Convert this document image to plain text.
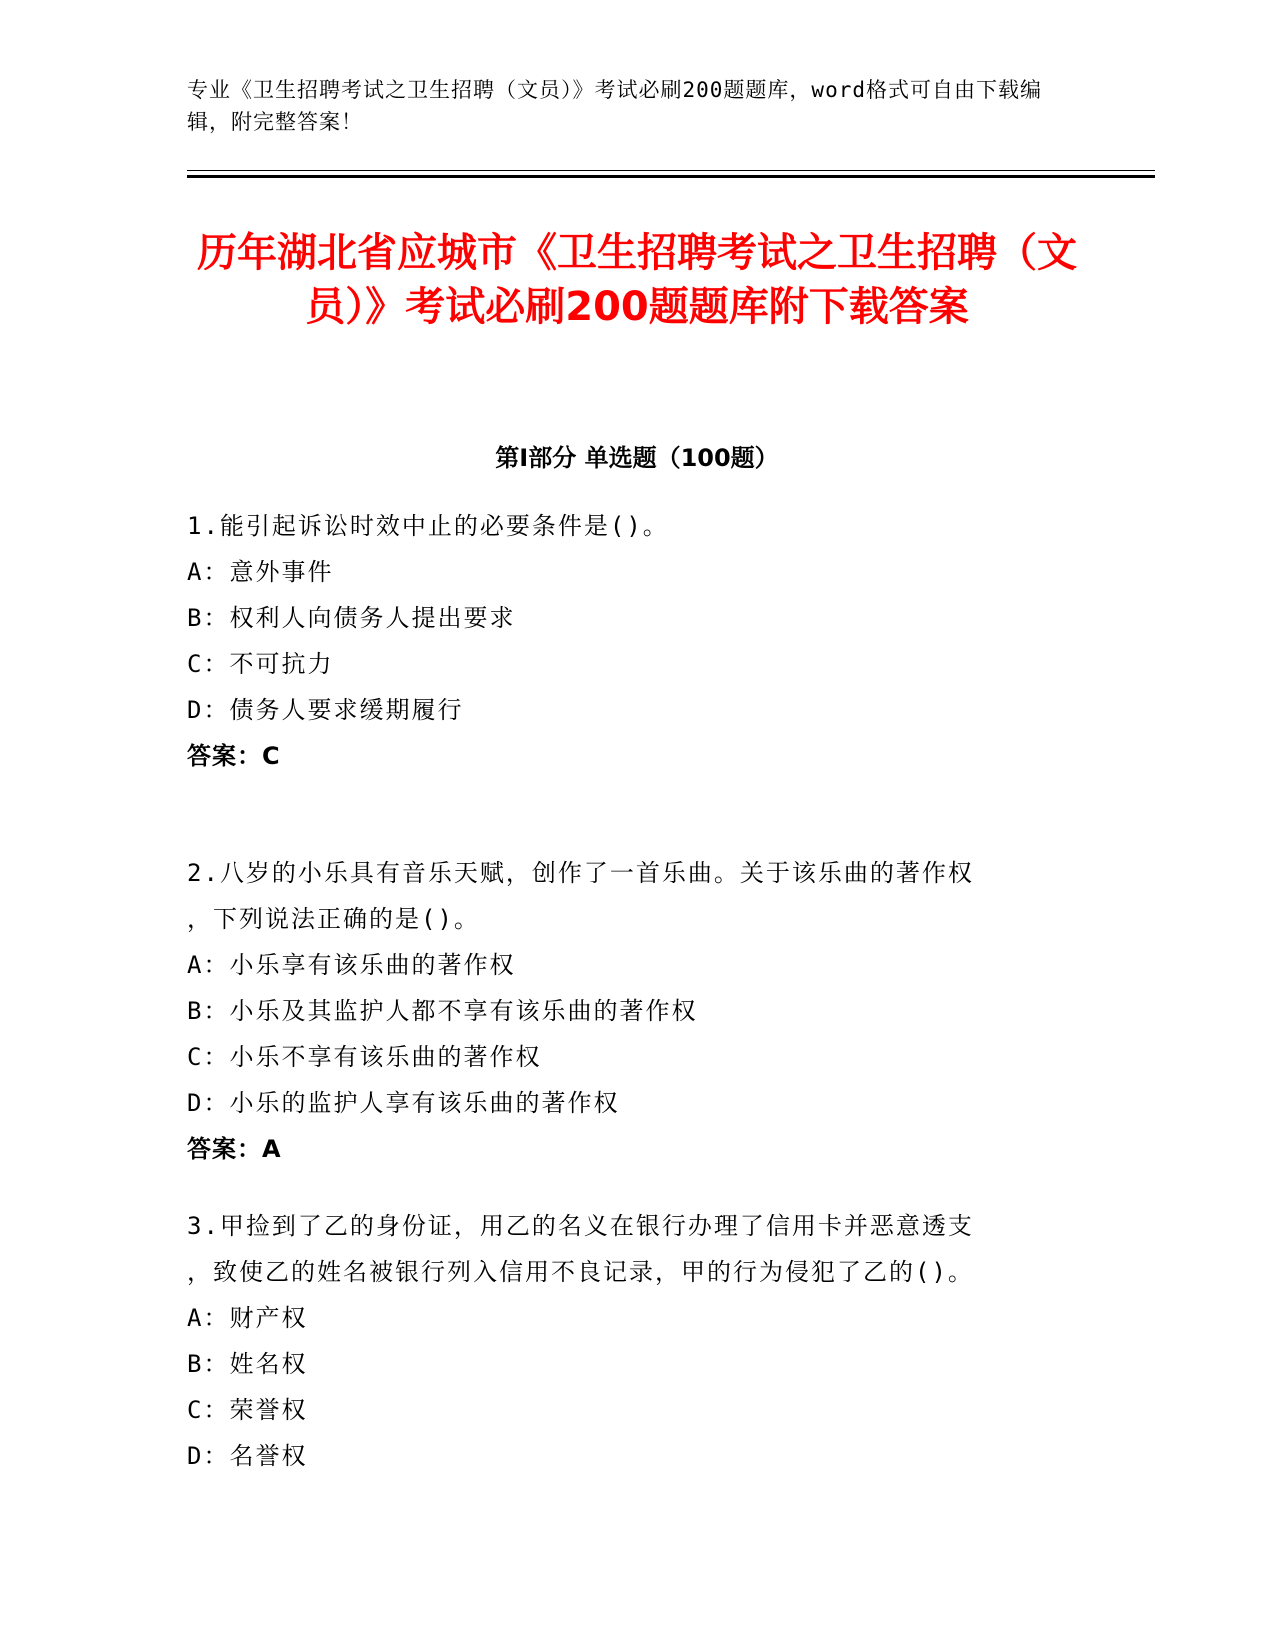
专业《卫生招聘考试之卫生招聘（文员）》考试必刷200题题库，word格式可自由下载编辑，附完整答案！
历年湖北省应城市《卫生招聘考试之卫生招聘（文员）》考试必刷200题题库附下载答案
第Ⅰ部分 单选题（100题）
1.能引起诉讼时效中止的必要条件是()。
A：意外事件
B：权利人向债务人提出要求
C：不可抗力
D：债务人要求缓期履行
答案：C
2.八岁的小乐具有音乐天赋，创作了一首乐曲。关于该乐曲的著作权
，下列说法正确的是()。
A：小乐享有该乐曲的著作权
B：小乐及其监护人都不享有该乐曲的著作权
C：小乐不享有该乐曲的著作权
D：小乐的监护人享有该乐曲的著作权
答案：A
3.甲捡到了乙的身份证，用乙的名义在银行办理了信用卡并恶意透支
，致使乙的姓名被银行列入信用不良记录，甲的行为侵犯了乙的()。
A：财产权
B：姓名权
C：荣誉权
D：名誉权
